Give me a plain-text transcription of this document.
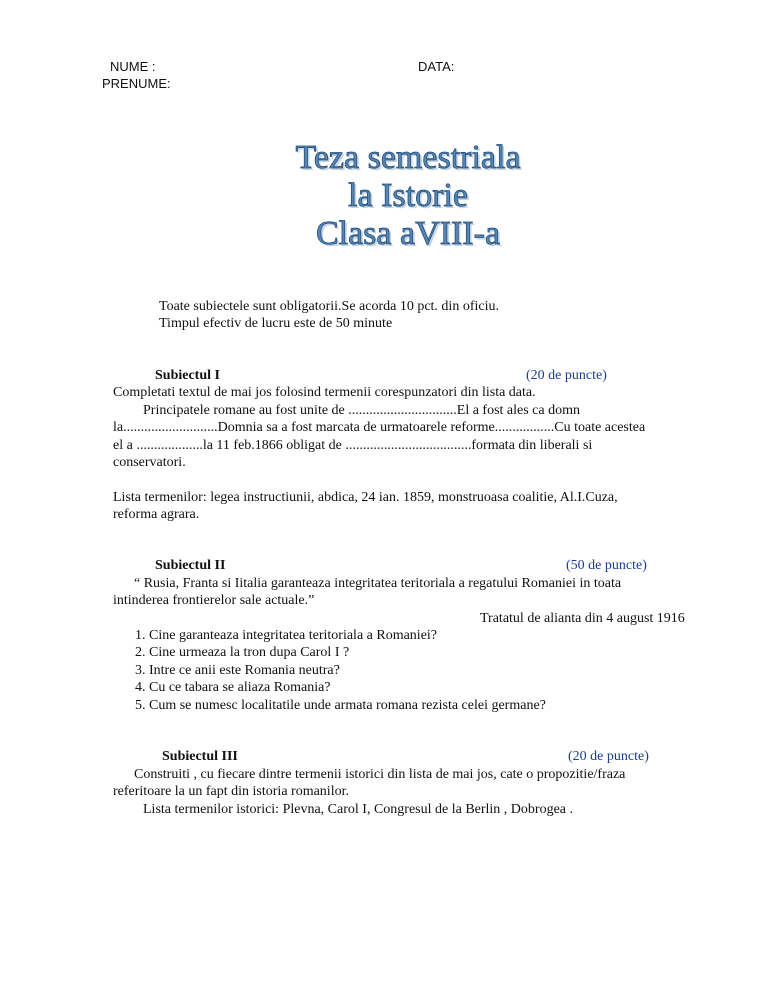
NUME :
PRENUME:
DATA:
Teza semestriala
la Istorie
Clasa aVIII-a
Toate subiectele sunt obligatorii.Se acorda 10 pct. din oficiu.
Timpul efectiv de lucru este de 50 minute
Subiectul I	(20 de puncte)
Completati textul de mai jos folosind termenii corespunzatori din lista data.
Principatele romane au fost unite de ...............................El a fost ales ca domn
la...........................Domnia sa a fost marcata de urmatoarele reforme.................Cu toate acestea
el a ...................la 11 feb.1866 obligat de ....................................formata din liberali si
conservatori.
Lista termenilor: legea instructiunii, abdica, 24 ian. 1859, monstruoasa coalitie, Al.I.Cuza,
reforma agrara.
Subiectul II	(50 de puncte)
“ Rusia, Franta si Iitalia garanteaza integritatea teritoriala a regatului Romaniei in toata
intinderea frontierelor sale actuale.”
Tratatul de alianta din 4 august 1916
1. Cine garanteaza integritatea teritoriala a Romaniei?
2. Cine urmeaza la tron dupa Carol I ?
3. Intre ce anii este Romania neutra?
4. Cu ce tabara se aliaza Romania?
5. Cum se numesc localitatile unde armata romana rezista celei germane?
Subiectul III	(20 de puncte)
Construiti , cu fiecare dintre termenii istorici din lista de mai jos, cate o propozitie/fraza
referitoare la un fapt din istoria romanilor.
Lista termenilor istorici: Plevna, Carol I, Congresul de la Berlin , Dobrogea .
